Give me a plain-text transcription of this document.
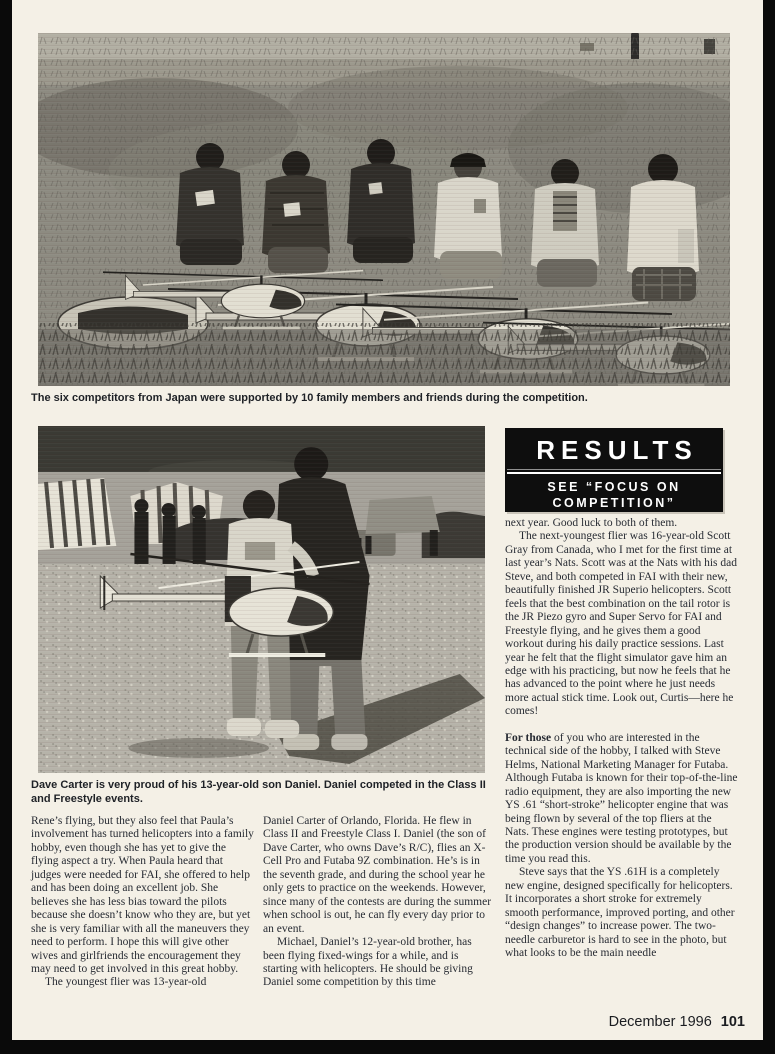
The six competitors from Japan were supported by 10 family members and friends during the competition.
RESULTS
SEE “FOCUS ON
COMPETITION”

next year. Good luck to both of them.

The next-youngest flier was 16-year-old Scott Gray from Canada, who I met for the first time at last year’s Nats. Scott was at the Nats with his dad Steve, and both competed in FAI with their new, beautifully finished JR Superio helicopters. Scott feels that the best combination on the tail rotor is the JR Piezo gyro and Super Servo for FAI and Freestyle flying, and he gives them a good workout during his daily practice sessions. Last year he felt that the flight simulator gave him an edge with his practicing, but now he feels that he has advanced to the point where he just needs more actual stick time. Look out, Curtis—here he comes!

For those of you who are interested in the technical side of the hobby, I talked with Steve Helms, National Marketing Manager for Futaba. Although Futaba is known for their top-of-the-line radio equipment, they are also importing the new YS .61 “short-stroke” helicopter engine that was being flown by several of the top fliers at the Nats. These engines were testing prototypes, but the production version should be available by the time you read this.

Steve says that the YS .61H is a completely new engine, designed specifically for helicopters. It incorporates a short stroke for extremely smooth performance, improved porting, and other “design changes” to increase power. The two-needle carburetor is hard to see in the photo, but what looks to be the main needle

Dave Carter is very proud of his 13-year-old son Daniel. Daniel competed in the Class II and Freestyle events.

Rene’s flying, but they also feel that Paula’s involvement has turned helicopters into a family hobby, even though she has yet to give the flying aspect a try. When Paula heard that judges were needed for FAI, she offered to help and has been doing an excellent job. She believes she has less bias toward the pilots because she doesn’t know who they are, but yet she is very familiar with all the maneuvers they need to perform. I hope this will give other wives and girlfriends the encouragement they may need to get involved in this great hobby.

The youngest flier was 13-year-old

Daniel Carter of Orlando, Florida. He flew in Class II and Freestyle Class I. Daniel (the son of Dave Carter, who owns Dave’s R/C), flies an X-Cell Pro and Futaba 9Z combination. He’s is in the seventh grade, and during the school year he only gets to practice on the weekends. However, since many of the contests are during the summer when school is out, he can fly every day prior to an event.

Michael, Daniel’s 12-year-old brother, has been flying fixed-wings for a while, and is starting with helicopters. He should be giving Daniel some competition by this time

December 1996 101
